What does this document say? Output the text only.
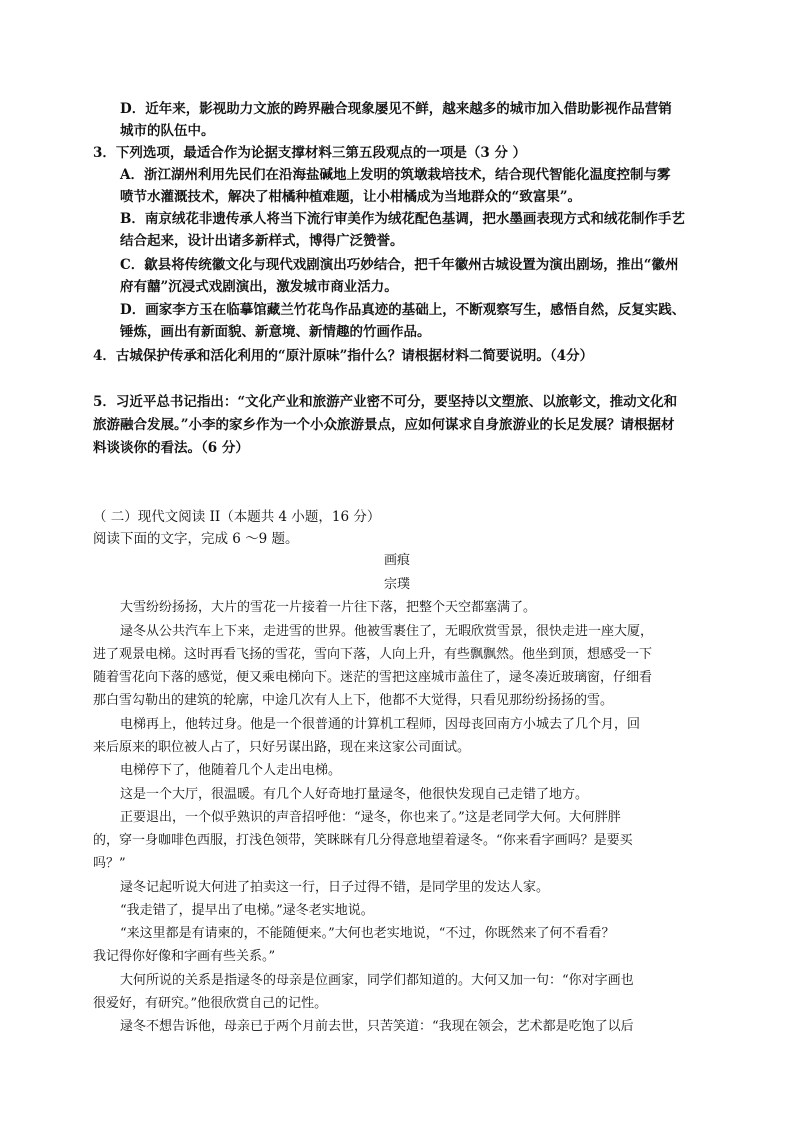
D．近年来，影视助力文旅的跨界融合现象屡见不鲜，越来越多的城市加入借助影视作品营销
城市的队伍中。
3．下列选项，最适合作为论据支撑材料三第五段观点的一项是（3 分 ）
A．浙江湖州利用先民们在沿海盐碱地上发明的筑墩栽培技术，结合现代智能化温度控制与雾
喷节水灌溉技术，解决了柑橘种植难题，让小柑橘成为当地群众的“致富果”。
B．南京绒花非遗传承人将当下流行审美作为绒花配色基调，把水墨画表现方式和绒花制作手艺
结合起来，设计出诸多新样式，博得广泛赞誉。
C．歙县将传统徽文化与现代戏剧演出巧妙结合，把千年徽州古城设置为演出剧场，推出“徽州
府有囍”沉浸式戏剧演出，激发城市商业活力。
D．画家李方玉在临摹馆藏兰竹花鸟作品真迹的基础上，不断观察写生，感悟自然，反复实践、
锤炼，画出有新面貌、新意境、新情趣的竹画作品。
4．古城保护传承和活化利用的“原汁原味”指什么？请根据材料二简要说明。（4分）
5．习近平总书记指出：“文化产业和旅游产业密不可分，要坚持以文塑旅、以旅彰文，推动文化和
旅游融合发展。”小李的家乡作为一个小众旅游景点，应如何谋求自身旅游业的长足发展？请根据材
料谈谈你的看法。（6 分）
（ 二）现代文阅读 II（本题共 4 小题，16 分）
阅读下面的文字，完成 6 ～9 题。
画痕
宗璞
大雪纷纷扬扬，大片的雪花一片接着一片往下落，把整个天空都塞满了。
逯冬从公共汽车上下来，走进雪的世界。他被雪裹住了，无暇欣赏雪景，很快走进一座大厦，
进了观景电梯。这时再看飞扬的雪花，雪向下落，人向上升，有些飘飘然。他坐到顶，想感受一下
随着雪花向下落的感觉，便又乘电梯向下。迷茫的雪把这座城市盖住了，逯冬凑近玻璃窗，仔细看
那白雪勾勒出的建筑的轮廓，中途几次有人上下，他都不大觉得，只看见那纷纷扬扬的雪。
电梯再上，他转过身。他是一个很普通的计算机工程师，因母丧回南方小城去了几个月，回
来后原来的职位被人占了，只好另谋出路，现在来这家公司面试。
电梯停下了，他随着几个人走出电梯。
这是一个大厅，很温暖。有几个人好奇地打量逯冬，他很快发现自己走错了地方。
正要退出，一个似乎熟识的声音招呼他：“逯冬，你也来了。”这是老同学大何。大何胖胖
的，穿一身咖啡色西服，打浅色领带，笑眯眯有几分得意地望着逯冬。“你来看字画吗？是要买
吗？”
逯冬记起听说大何进了拍卖这一行，日子过得不错，是同学里的发达人家。
“我走错了，提早出了电梯。”逯冬老实地说。
“来这里都是有请柬的，不能随便来。”大何也老实地说，“不过，你既然来了何不看看？
我记得你好像和字画有些关系。”
大何所说的关系是指逯冬的母亲是位画家，同学们都知道的。大何又加一句：“你对字画也
很爱好，有研究。”他很欣赏自己的记性。
逯冬不想告诉他，母亲已于两个月前去世，只苦笑道：“我现在领会，艺术都是吃饱了以后
